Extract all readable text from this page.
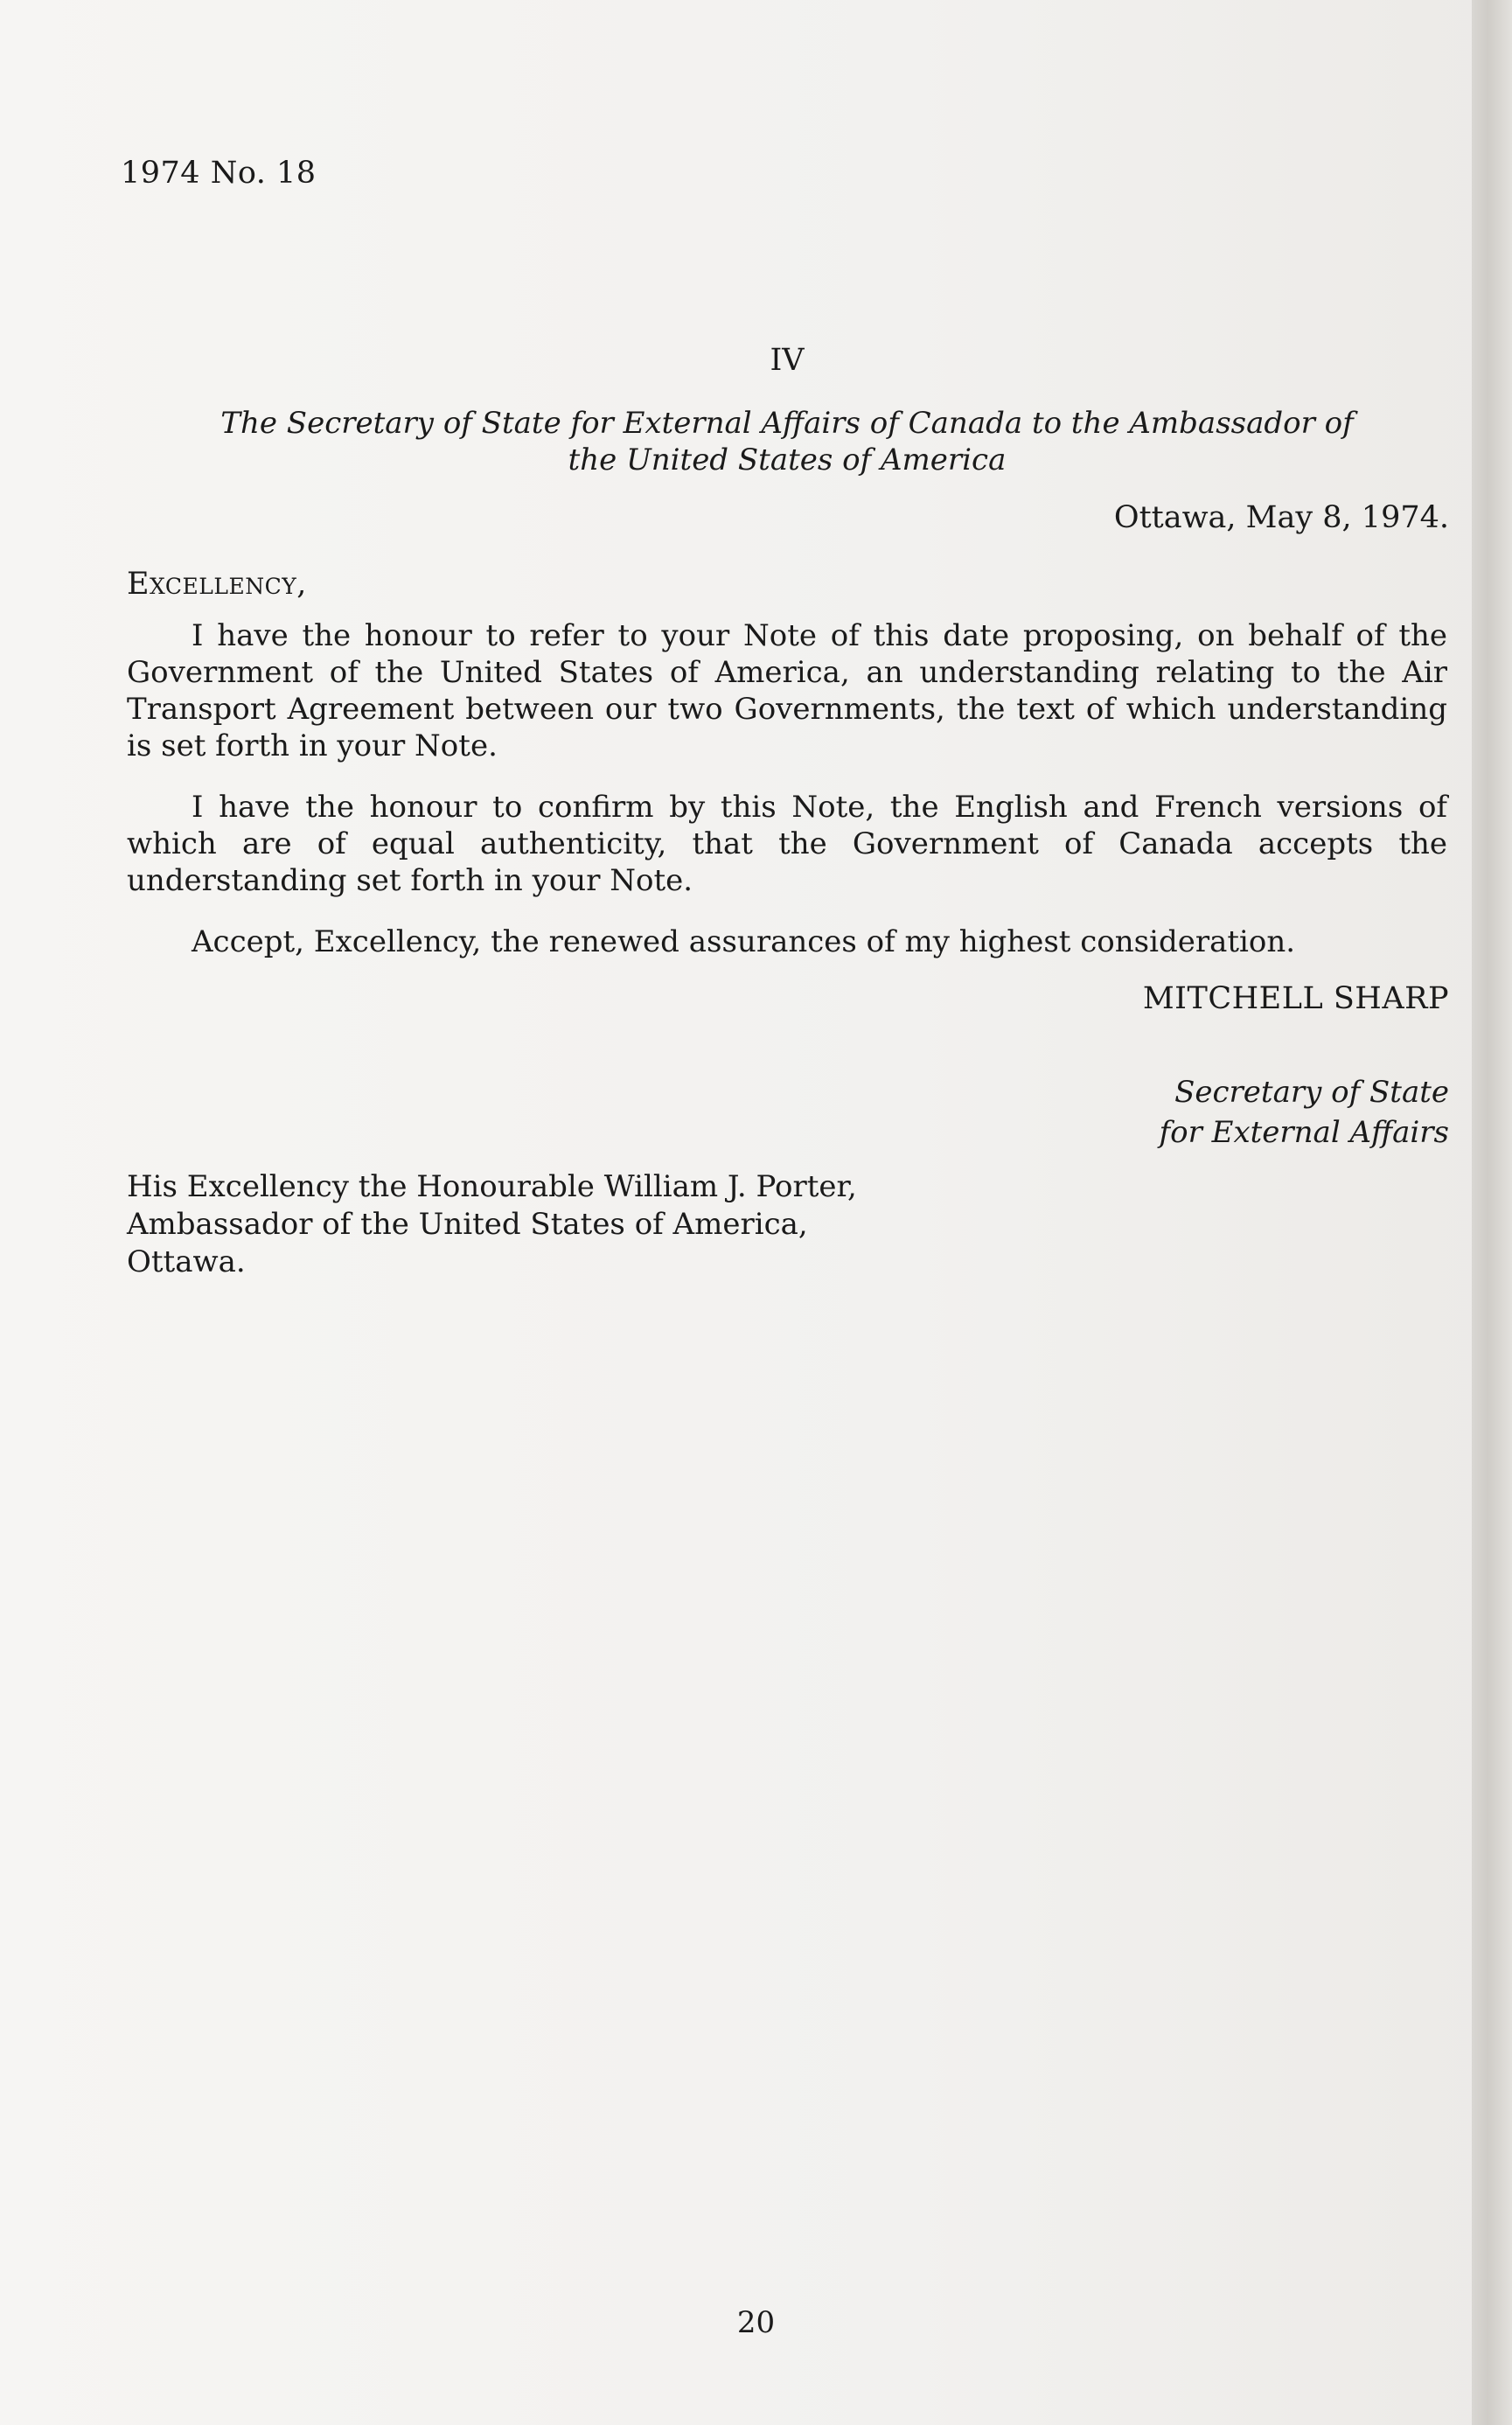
1974 No. 18
IV
The Secretary of State for External Affairs of Canada to the Ambassador of
the United States of America
Ottawa, May 8, 1974.
Excellency,
I have the honour to refer to your Note of this date proposing, on behalf of the Government of the United States of America, an understanding relating to the Air Transport Agreement between our two Governments, the text of which understanding is set forth in your Note.
I have the honour to confirm by this Note, the English and French versions of which are of equal authenticity, that the Government of Canada accepts the understanding set forth in your Note.
Accept, Excellency, the renewed assurances of my highest consideration.
MITCHELL SHARP
Secretary of State
for External Affairs
His Excellency the Honourable William J. Porter,
Ambassador of the United States of America,
Ottawa.
20
